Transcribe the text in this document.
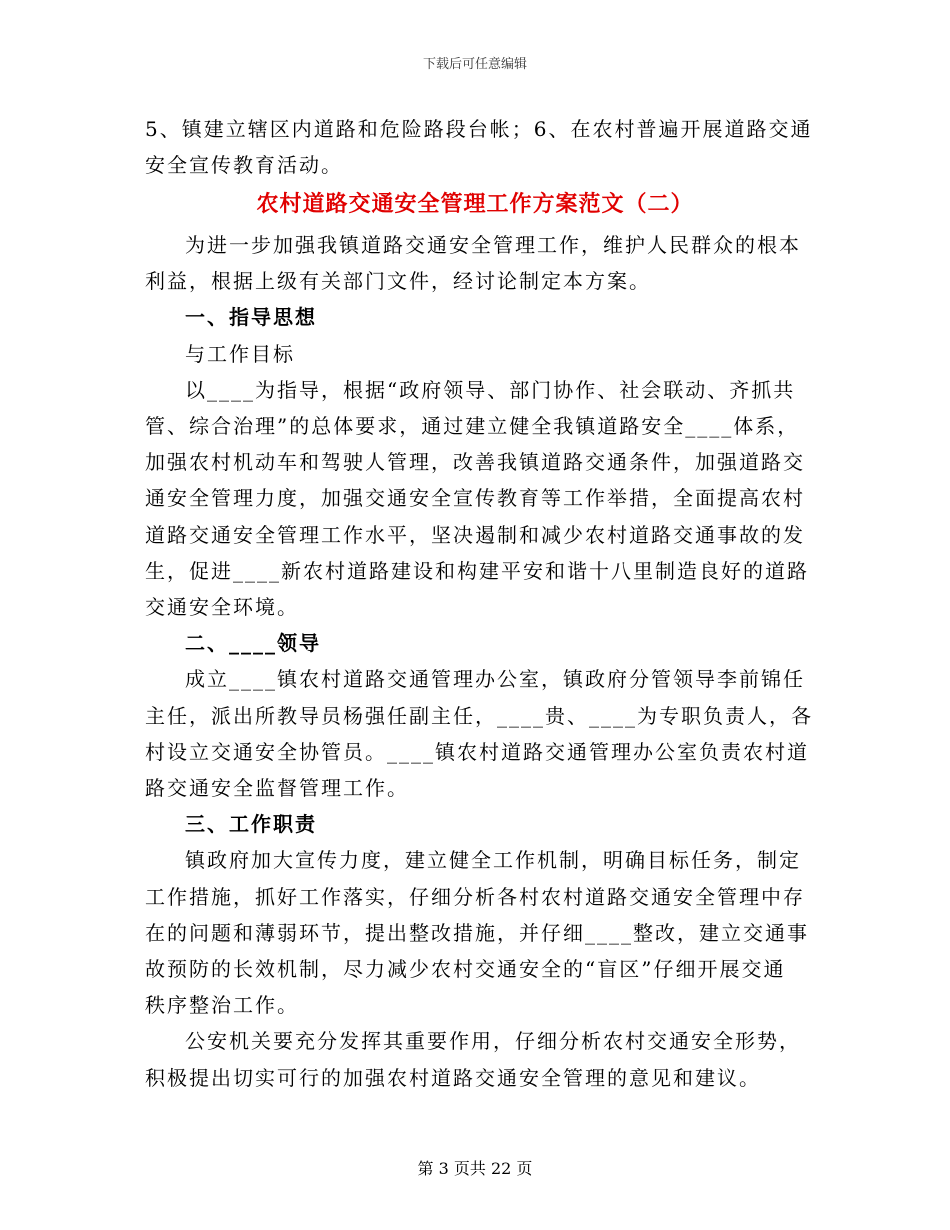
下载后可任意编辑
5、镇建立辖区内道路和危险路段台帐；6、在农村普遍开展道路交通
安全宣传教育活动。
农村道路交通安全管理工作方案范文（二）
为进一步加强我镇道路交通安全管理工作，维护人民群众的根本
利益，根据上级有关部门文件，经讨论制定本方案。
一、指导思想
与工作目标
以____为指导，根据“政府领导、部门协作、社会联动、齐抓共
管、综合治理”的总体要求，通过建立健全我镇道路安全____体系，
加强农村机动车和驾驶人管理，改善我镇道路交通条件，加强道路交
通安全管理力度，加强交通安全宣传教育等工作举措，全面提高农村
道路交通安全管理工作水平，坚决遏制和减少农村道路交通事故的发
生，促进____新农村道路建设和构建平安和谐十八里制造良好的道路
交通安全环境。
二、____领导
成立____镇农村道路交通管理办公室，镇政府分管领导李前锦任
主任，派出所教导员杨强任副主任，____贵、____为专职负责人，各
村设立交通安全协管员。____镇农村道路交通管理办公室负责农村道
路交通安全监督管理工作。
三、工作职责
镇政府加大宣传力度，建立健全工作机制，明确目标任务，制定
工作措施，抓好工作落实，仔细分析各村农村道路交通安全管理中存
在的问题和薄弱环节，提出整改措施，并仔细____整改，建立交通事
故预防的长效机制，尽力减少农村交通安全的“盲区”仔细开展交通
秩序整治工作。
公安机关要充分发挥其重要作用，仔细分析农村交通安全形势，
积极提出切实可行的加强农村道路交通安全管理的意见和建议。
第 3 页共 22 页
